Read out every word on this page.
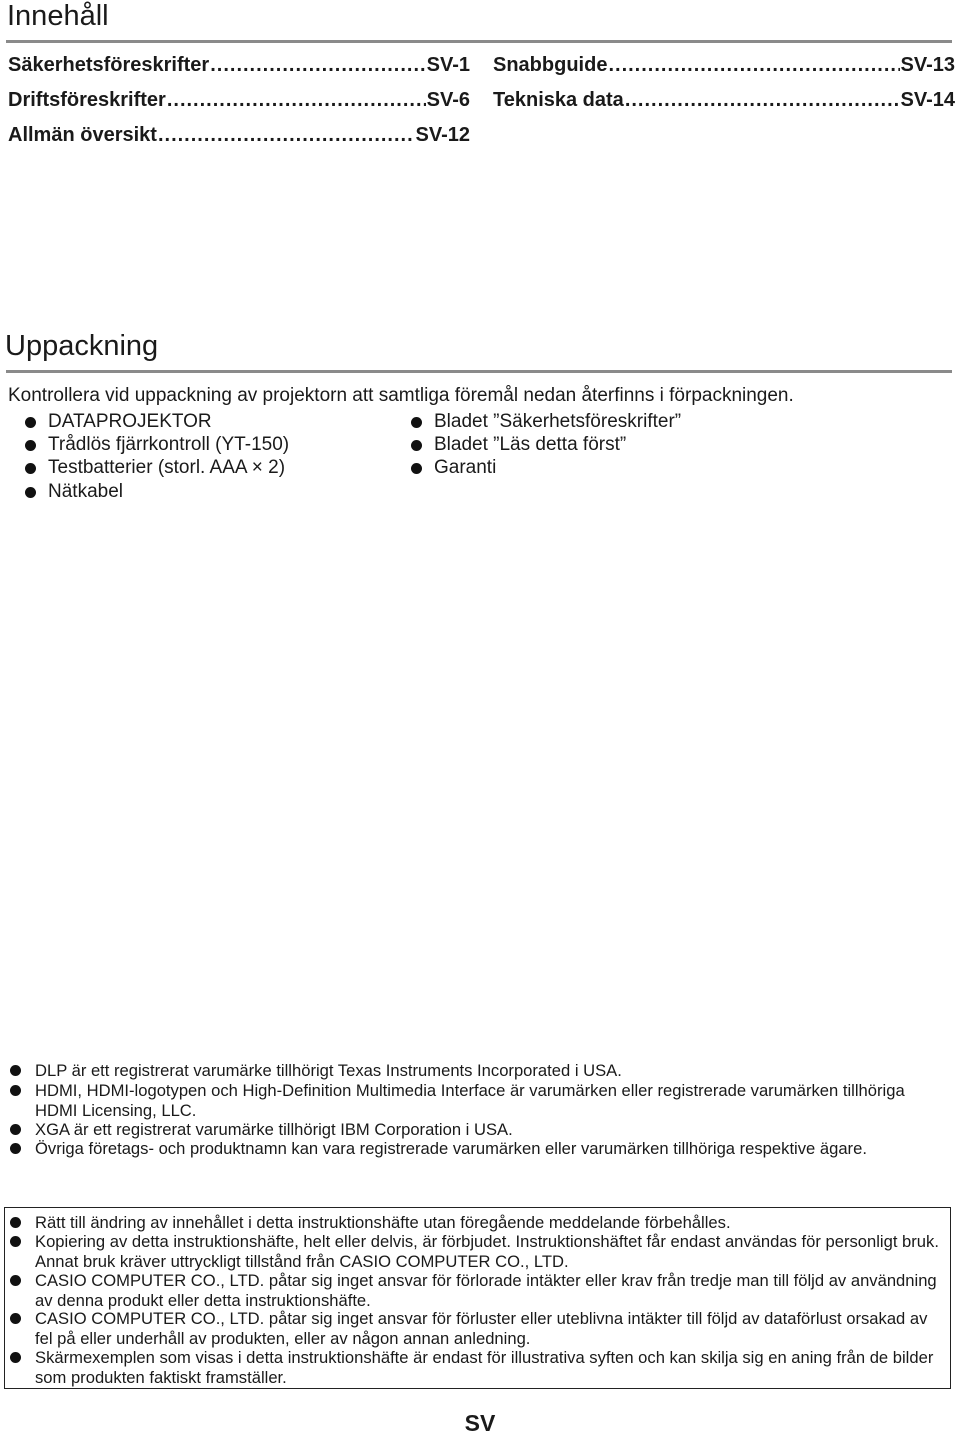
Innehåll
Säkerhetsföreskrifter .....	SV-1
Driftsföreskrifter .....	SV-6
Allmän översikt .....	SV-12
Snabbguide .....	SV-13
Tekniska data .....	SV-14
Uppackning
Kontrollera vid uppackning av projektorn att samtliga föremål nedan återfinns i förpackningen.
DATAPROJEKTOR
Trådlös fjärrkontroll (YT-150)
Testbatterier (storl. AAA × 2)
Nätkabel
Bladet ”Säkerhetsföreskrifter”
Bladet ”Läs detta först”
Garanti
DLP är ett registrerat varumärke tillhörigt Texas Instruments Incorporated i USA.
HDMI, HDMI-logotypen och High-Definition Multimedia Interface är varumärken eller registrerade varumärken tillhöriga HDMI Licensing, LLC.
XGA är ett registrerat varumärke tillhörigt IBM Corporation i USA.
Övriga företags- och produktnamn kan vara registrerade varumärken eller varumärken tillhöriga respektive ägare.
Rätt till ändring av innehållet i detta instruktionshäfte utan föregående meddelande förbehålles.
Kopiering av detta instruktionshäfte, helt eller delvis, är förbjudet. Instruktionshäftet får endast användas för personligt bruk. Annat bruk kräver uttryckligt tillstånd från CASIO COMPUTER CO., LTD.
CASIO COMPUTER CO., LTD. påtar sig inget ansvar för förlorade intäkter eller krav från tredje man till följd av användning av denna produkt eller detta instruktionshäfte.
CASIO COMPUTER CO., LTD. påtar sig inget ansvar för förluster eller uteblivna intäkter till följd av dataförlust orsakad av fel på eller underhåll av produkten, eller av någon annan anledning.
Skärmexemplen som visas i detta instruktionshäfte är endast för illustrativa syften och kan skilja sig en aning från de bilder som produkten faktiskt framställer.
SV
